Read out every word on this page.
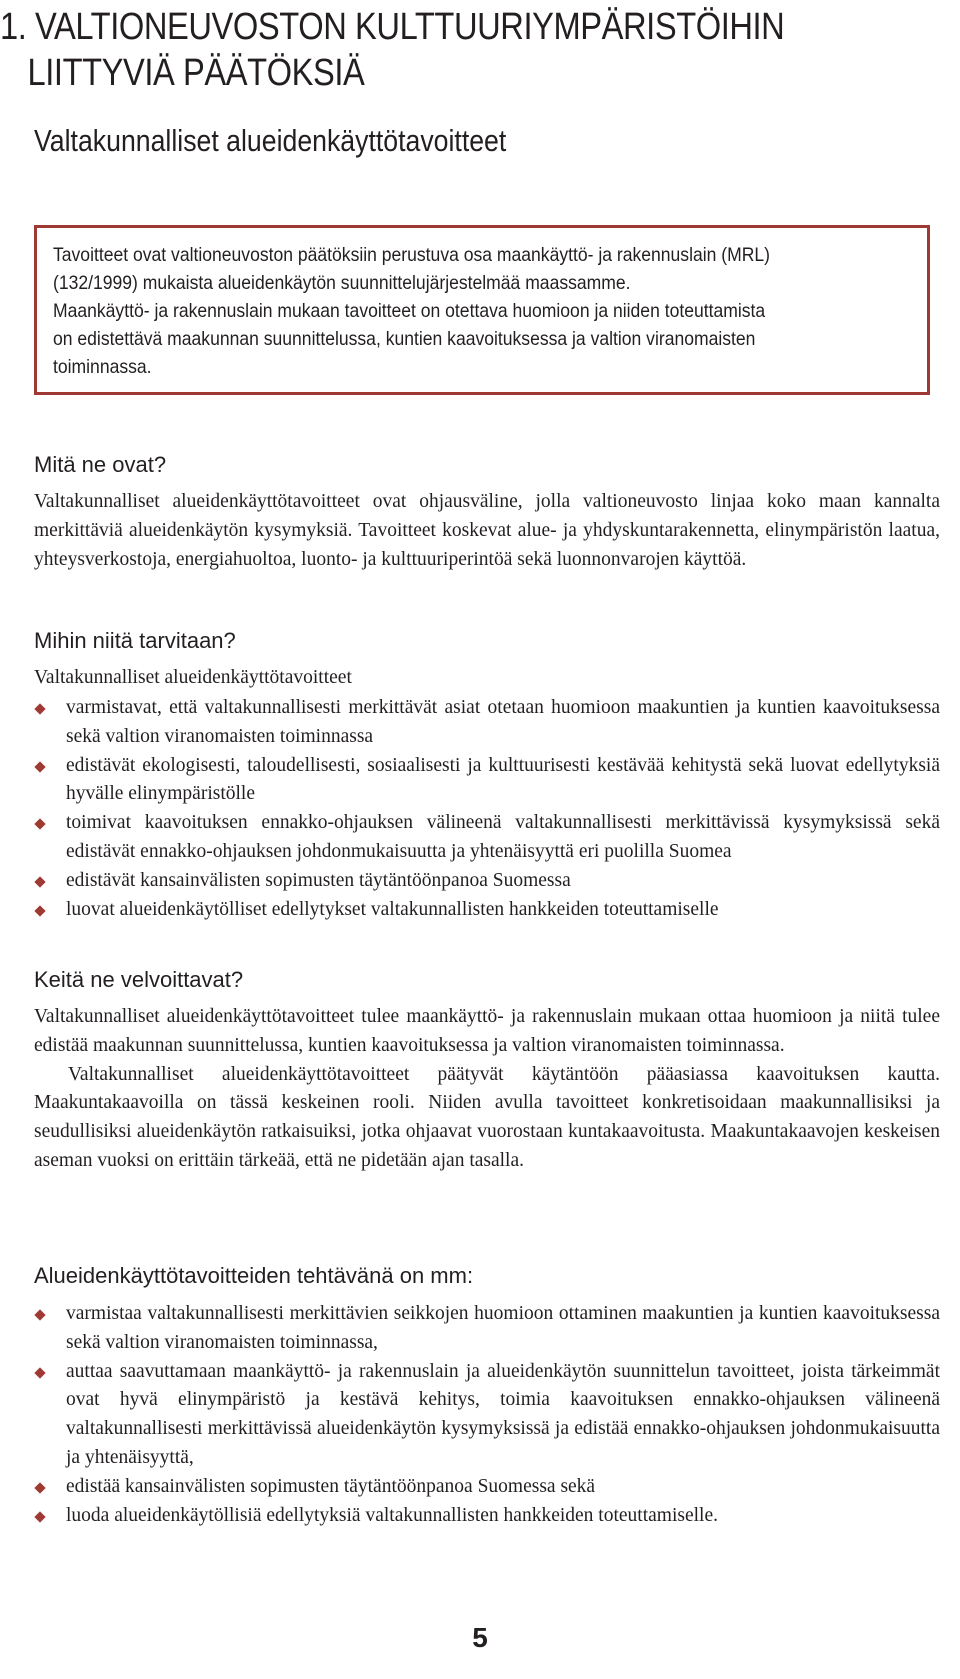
1. VALTIONEUVOSTON KULTTUURIYMPÄRISTÖIHIN
LIITTYVIÄ PÄÄTÖKSIÄ
Valtakunnalliset alueidenkäyttötavoitteet

Tavoitteet ovat valtioneuvoston päätöksiin perustuva osa maankäyttö- ja rakennuslain (MRL)

(132/1999) mukaista alueidenkäytön suunnittelujärjestelmää maassamme.

Maankäyttö- ja rakennuslain mukaan tavoitteet on otettava huomioon ja niiden toteuttamista

on edistettävä maakunnan suunnittelussa, kuntien kaavoituksessa ja valtion viranomaisten

toiminnassa.

Mitä ne ovat?

Valtakunnalliset alueidenkäyttötavoitteet ovat ohjausväline, jolla valtioneuvosto linjaa koko maan kannalta merkittäviä alueidenkäytön kysymyksiä. Tavoitteet koskevat alue- ja yhdyskuntarakennetta, elinympäristön laatua, yhteysverkostoja, energiahuoltoa, luonto- ja kulttuuriperintöä sekä luonnonvarojen käyttöä.

Mihin niitä tarvitaan?

Valtakunnalliset alueidenkäyttötavoitteet

varmistavat, että valtakunnallisesti merkittävät asiat otetaan huomioon maakuntien ja kuntien kaavoituksessa sekä valtion viranomaisten toiminnassa
edistävät ekologisesti, taloudellisesti, sosiaalisesti ja kulttuurisesti kestävää kehitystä sekä luovat edellytyksiä hyvälle elinympäristölle
toimivat kaavoituksen ennakko-ohjauksen välineenä valtakunnallisesti merkittävissä kysymyksissä sekä edistävät ennakko-ohjauksen johdonmukaisuutta ja yhtenäisyyttä eri puolilla Suomea
edistävät kansainvälisten sopimusten täytäntöönpanoa Suomessa
luovat alueidenkäytölliset edellytykset valtakunnallisten hankkeiden toteuttamiselle
Keitä ne velvoittavat?

Valtakunnalliset alueidenkäyttötavoitteet tulee maankäyttö- ja rakennuslain mukaan ottaa huomioon ja niitä tulee edistää maakunnan suunnittelussa, kuntien kaavoituksessa ja valtion viranomaisten toiminnassa.

Valtakunnalliset alueidenkäyttötavoitteet päätyvät käytäntöön pääasiassa kaavoituksen kautta. Maakuntakaavoilla on tässä keskeinen rooli. Niiden avulla tavoitteet konkretisoidaan maakunnallisiksi ja seudullisiksi alueidenkäytön ratkaisuiksi, jotka ohjaavat vuorostaan kuntakaavoitusta. Maakuntakaavojen keskeisen aseman vuoksi on erittäin tärkeää, että ne pidetään ajan tasalla.

Alueidenkäyttötavoitteiden tehtävänä on mm:
varmistaa valtakunnallisesti merkittävien seikkojen huomioon ottaminen maakuntien ja kuntien kaavoituksessa sekä valtion viranomaisten toiminnassa,
auttaa saavuttamaan maankäyttö- ja rakennuslain ja alueidenkäytön suunnittelun tavoitteet, joista tärkeimmät ovat hyvä elinympäristö ja kestävä kehitys, toimia kaavoituksen ennakko-ohjauksen välineenä valtakunnallisesti merkittävissä alueidenkäytön kysymyksissä ja edistää ennakko-ohjauksen johdonmukaisuutta ja yhtenäisyyttä,
edistää kansainvälisten sopimusten täytäntöönpanoa Suomessa sekä
luoda alueidenkäytöllisiä edellytyksiä valtakunnallisten hankkeiden toteuttamiselle.
5
